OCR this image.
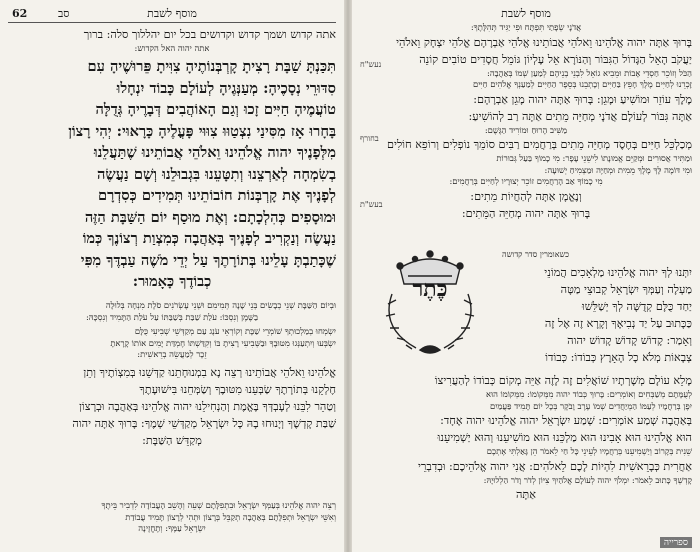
מוסף לשבת
62	סב
אתה קדוש ושמך קדוש וקדושים בכל יום יהללוך סלה: ברוך
אתה יהוה האל הקדוש:
תִּכַּנְתָּ שַׁבָּת רָצִיתָ קָרְבְּנוֹתֶיהָ צִוִּיתָ פֵּרוּשֶׁיהָ עִם
סִדּוּרֵי נְסָכֶיהָ: מְעַנְּגֶיהָ לְעוֹלָם כָּבוֹד יִנְחָלוּ
טוֹעֲמֶיהָ חַיִּים זָכוּ וְגַם הָאוֹהֲבִים דְּבָרֶיהָ גְּדֻלָּה
בָּחָרוּ אָז מִסִּינַי נִצְטַוּוּ צִוּוּי פָּעֳלֶיהָ כָּרָאוּי: יְהִי רָצוֹן
מִלְּפָנֶיךָ יהוה אֱלֹהֵינוּ וֵאלֹהֵי אֲבוֹתֵינוּ שֶׁתַּעֲלֵנוּ
בְשִׂמְחָה לְאַרְצֵנוּ וְתִטָּעֵנוּ בִּגְבוּלֵנוּ וְשָׁם נַעֲשֶׂה
לְפָנֶיךָ אֶת קָרְבְּנוֹת חוֹבוֹתֵינוּ תְּמִידִים כְּסִדְרָם
וּמוּסָפִים כְּהִלְכָתָם: וְאֶת מוּסַף יוֹם הַשַּׁבָּת הַזֶּה
נַעֲשֶׂה וְנַקְרִיב לְפָנֶיךָ בְּאַהֲבָה כְּמִצְוַת רְצוֹנֶךָ כְּמוֹ
שֶׁכָּתַבְתָּ עָלֵינוּ בְּתוֹרָתֶךָ עַל יְדֵי מֹשֶׁה עַבְדֶּךָ מִפִּי
כְבוֹדֶךָ כָּאָמוּר:
וּבְיוֹם הַשַּׁבָּת שְׁנֵי כְבָשִׂים בְּנֵי שָׁנָה תְּמִימִם וּשְׁנֵי עֶשְׂרֹנִים סֹלֶת מִנְחָה בְּלוּלָה
בַשֶּׁמֶן וְנִסְכּוֹ: עֹלַת שַׁבַּת בְּשַׁבַּתּוֹ עַל עֹלַת הַתָּמִיד וְנִסְכָּהּ:
יִשְׂמְחוּ בְמַלְכוּתְךָ שׁוֹמְרֵי שַׁבָּת וְקוֹרְאֵי עֹנֶג עַם מְקַדְּשֵׁי שְׁבִיעִי כֻּלָּם
יִשְׂבְּעוּ וְיִתְעַנְּגוּ מִטּוּבֶךָ וּבַשְּׁבִיעִי רָצִיתָ בּוֹ וְקִדַּשְׁתּוֹ חֶמְדַּת יָמִים אוֹתוֹ קָרָאתָ
זֵכֶר לְמַעֲשֵׂה בְרֵאשִׁית:
אֱלֹהֵינוּ וֵאלֹהֵי אֲבוֹתֵינוּ רְצֵה נָא בִמְנוּחָתֵנוּ קַדְּשֵׁנוּ בְּמִצְוֹתֶיךָ וְתֵן
חֶלְקֵנוּ בְּתוֹרָתֶךָ שַׂבְּעֵנוּ מִטּוּבֶךָ וְשַׂמְּחֵנוּ בִּישׁוּעָתֶךָ
וְטַהֵר לִבֵּנוּ לְעָבְדְּךָ בֶּאֱמֶת וְהַנְחִילֵנוּ יהוה אֱלֹהֵינוּ בְּאַהֲבָה וּבְרָצוֹן
שַׁבַּת קָדְשֶׁךָ וְיָנוּחוּ בָהּ כָּל יִשְׂרָאֵל מְקַדְּשֵׁי שְׁמֶךָ: בָּרוּךְ אַתָּה יהוה
מְקַדֵּשׁ הַשַּׁבָּת:
רְצֵה יהוה אֱלֹהֵינוּ בְּעַמְּךָ יִשְׂרָאֵל וּבִתְפִלָּתָם שְׁעֵה וְהָשֵׁב הָעֲבוֹדָה לִדְבִיר בֵּיתֶךָ
וְאִשֵּׁי יִשְׂרָאֵל וּתְפִלָּתָם בְּאַהֲבָה תְקַבֵּל בְּרָצוֹן וּתְהִי לְרָצוֹן תָּמִיד עֲבוֹדַת
יִשְׂרָאֵל עַמֶּךָ: וְתֶחֱזֶינָה
מוסף לשבת
אֲדֹנָי שְׂפָתַי תִּפְתָּח וּפִי יַגִּיד תְּהִלָּתֶךָ:
בָּרוּךְ אַתָּה יהוה אֱלֹהֵינוּ וֵאלֹהֵי אֲבוֹתֵינוּ אֱלֹהֵי אַבְרָהָם אֱלֹהֵי יִצְחָק וֵאלֹהֵי
יַעֲקֹב הָאֵל הַגָּדוֹל הַגִּבּוֹר וְהַנּוֹרָא אֵל עֶלְיוֹן גּוֹמֵל חֲסָדִים טוֹבִים קוֹנֵה
הַכֹּל וְזוֹכֵר חַסְדֵי אָבוֹת וּמֵבִיא גוֹאֵל לִבְנֵי בְנֵיהֶם לְמַעַן שְׁמוֹ בְּאַהֲבָה:
זָכְרֵנוּ לְחַיִּים מֶלֶךְ חָפֵץ בַּחַיִּים וְכָתְבֵנוּ בְּסֵפֶר הַחַיִּים לְמַעַנְךָ אֱלֹהִים חַיִּים
מֶלֶךְ עוֹזֵר וּמוֹשִׁיעַ וּמָגֵן: בָּרוּךְ אַתָּה יהוה מָגֵן אַבְרָהָם:
אַתָּה גִּבּוֹר לְעוֹלָם אֲדֹנָי מְחַיֵּה מֵתִים אַתָּה רַב לְהוֹשִׁיעַ:
מַשִּׁיב הָרוּחַ וּמוֹרִיד הַגֶּשֶׁם:
מְכַלְכֵּל חַיִּים בְּחֶסֶד מְחַיֵּה מֵתִים בְּרַחֲמִים רַבִּים סוֹמֵךְ נוֹפְלִים וְרוֹפֵא חוֹלִים
וּמַתִּיר אֲסוּרִים וּמְקַיֵּם אֱמוּנָתוֹ לִישֵׁנֵי עָפָר: מִי כָמוֹךָ בַּעַל גְּבוּרוֹת
וּמִי דּוֹמֶה לָּךְ מֶלֶךְ מֵמִית וּמְחַיֶּה וּמַצְמִיחַ יְשׁוּעָה:
מִי כָמוֹךָ אַב הָרַחֲמִים זוֹכֵר יְצוּרָיו לְחַיִּים בְּרַחֲמִים:
וְנֶאֱמָן אַתָּה לְהַחֲיוֹת מֵתִים:
בָּרוּךְ אַתָּה יהוה מְחַיֵּה הַמֵּתִים:
נעש"ח
בחורף
בעש"ת
כשאומרין סדר קדושה
כֶּתֶר
יִתְּנוּ לְךָ יהוה אֱלֹהֵינוּ מַלְאָכִים הֲמוֹנֵי
מַעְלָה וְעַמְּךָ יִשְׂרָאֵל קְבוּצֵי מַטָּה
יַחַד כֻּלָּם קְדֻשָּׁה לְךָ יְשַׁלֵּשׁוּ
כַּכָּתוּב עַל יַד נְבִיאֶךָ וְקָרָא זֶה אֶל זֶה
וְאָמַר: קָדוֹשׁ קָדוֹשׁ קָדוֹשׁ יהוה
צְבָאוֹת מְלֹא כָל הָאָרֶץ כְּבוֹדוֹ: כְּבוֹדוֹ
מָלֵא עוֹלָם מְשָׁרְתָיו שׁוֹאֲלִים זֶה לָזֶה אַיֵּה מְקוֹם כְּבוֹדוֹ לְהַעֲרִיצוֹ
לְעֻמָּתָם מְשַׁבְּחִים וְאוֹמְרִים: בָּרוּךְ כְּבוֹד יהוה מִמְּקוֹמוֹ: מִמְּקוֹמוֹ הוּא
יִפֶן בְּרַחֲמָיו לְעַמּוֹ הַמְיַחֲדִים שְׁמוֹ עֶרֶב וָבֹקֶר בְּכָל יוֹם תָּמִיד פַּעֲמַיִם
בְּאַהֲבָה שְׁמַע אוֹמְרִים: שְׁמַע יִשְׂרָאֵל יהוה אֱלֹהֵינוּ יהוה אֶחָד:
הוּא אֱלֹהֵינוּ הוּא אָבִינוּ הוּא מַלְכֵּנוּ הוּא מוֹשִׁיעֵנוּ וְהוּא יַשְׁמִיעֵנוּ
שֵׁנִית בְּקָרוֹב וְיַשְׁמִיעֵנוּ בְּרַחֲמָיו לְעֵינֵי כָּל חַי לֵאמֹר הֵן גָּאַלְתִּי אֶתְכֶם
אַחֲרִית כְּבָרֵאשִׁית לִהְיוֹת לָכֶם לֵאלֹהִים: אֲנִי יהוה אֱלֹהֵיכֶם: וּבְדִבְרֵי
קָדְשְׁךָ כָּתוּב לֵאמֹר: יִמְלֹךְ יהוה לְעוֹלָם אֱלֹהַיִךְ צִיּוֹן לְדֹר וָדֹר הַלְלוּיָהּ:
אַתָּה
ספרייה
